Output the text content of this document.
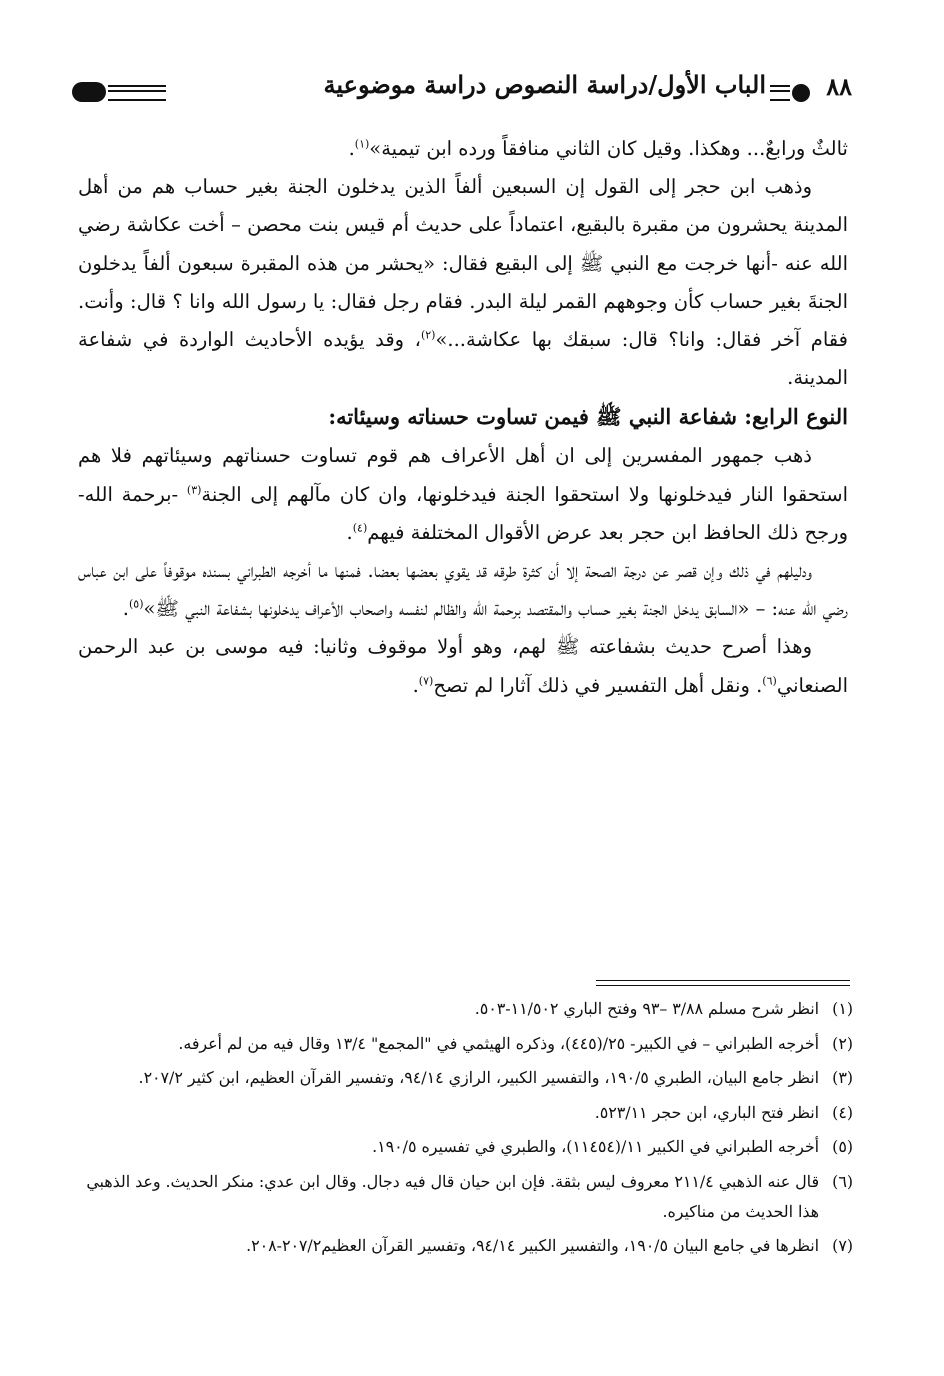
٨٨
الباب الأول/دراسة النصوص دراسة موضوعية

ثالثٌ ورابعٌ... وهكذا. وقيل كان الثاني منافقاً ورده ابن تيمية»$^{(١)}$.

وذهب ابن حجر إلى القول إن السبعين ألفاً الذين يدخلون الجنة بغير حساب هم من أهل المدينة يحشرون من مقبرة بالبقيع، اعتماداً على حديث أم قيس بنت محصن – أخت عكاشة رضي الله عنه -أنها خرجت مع النبي ﷺ إلى البقيع فقال: «يحشر من هذه المقبرة سبعون ألفاً يدخلون الجنةَ بغير حساب كأن وجوههم القمر ليلة البدر. فقام رجل فقال: يا رسول الله وانا ؟ قال: وأنت. فقام آخر فقال: وانا؟ قال: سبقك بها عكاشة...»$^{(٢)}$، وقد يؤيده الأحاديث الواردة في شفاعة المدينة.

النوع الرابع: شفاعة النبي ﷺ فيمن تساوت حسناته وسيئاته:

ذهب جمهور المفسرين إلى ان أهل الأعراف هم قوم تساوت حسناتهم وسيئاتهم فلا هم استحقوا النار فيدخلونها ولا استحقوا الجنة فيدخلونها، وان كان مآلهم إلى الجنة$^{(٣)}$ -برحمة الله- ورجح ذلك الحافظ ابن حجر بعد عرض الأقوال المختلفة فيهم$^{(٤)}$.

ودليلهم في ذلك وإن قصر عن درجة الصحة إلا أن كثرة طرقه قد يقوي بعضها بعضا. فمنها ما أخرجه الطبراني بسنده موقوفاً على ابن عباس رضي الله عنه: – «السابق يدخل الجنة بغير حساب والمقتصد برحمة الله والظالم لنفسه واصحاب الأعراف يدخلونها بشفاعة النبي ﷺ»$^{(٥)}$.

وهذا أصرح حديث بشفاعته ﷺ لهم، وهو أولا موقوف وثانيا: فيه موسى بن عبد الرحمن الصنعاني$^{(٦)}$. ونقل أهل التفسير في ذلك آثارا لم تصح$^{(٧)}$.

(١)انظر شرح مسلم ٣/٨٨ –٩٣ وفتح الباري ١١/٥٠٢-٥٠٣.

(٢)أخرجه الطبراني – في الكبير- ٢٥/(٤٤٥)، وذكره الهيثمي في "المجمع" ١٣/٤ وقال فيه من لم أعرفه.

(٣)انظر جامع البيان، الطبري ١٩٠/٥، والتفسير الكبير، الرازي ٩٤/١٤، وتفسير القرآن العظيم، ابن كثير ٢٠٧/٢.

(٤)انظر فتح الباري، ابن حجر ٥٢٣/١١.

(٥)أخرجه الطبراني في الكبير ١١/(١١٤٥٤)، والطبري في تفسيره ١٩٠/٥.

(٦)قال عنه الذهبي ٢١١/٤ معروف ليس بثقة. فإن ابن حيان قال فيه دجال. وقال ابن عدي: منكر الحديث. وعد الذهبي هذا الحديث من مناكيره.

(٧)انظرها في جامع البيان ١٩٠/٥، والتفسير الكبير ٩٤/١٤، وتفسير القرآن العظيم٢٠٧/٢-٢٠٨.
